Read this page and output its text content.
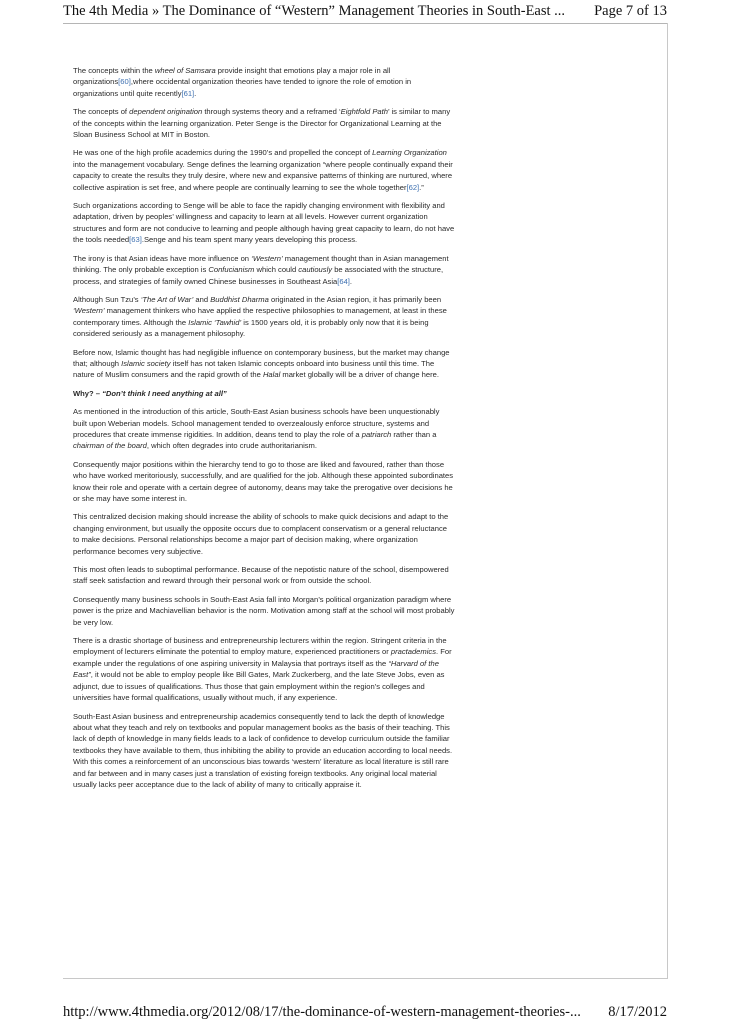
The 4th Media » The Dominance of “Western” Management Theories in South-East ... Page 7 of 13

The concepts within the wheel of Samsara provide insight that emotions play a major role in all organizations[60],where occidental organization theories have tended to ignore the role of emotion in organizations until quite recently[61].

The concepts of dependent origination through systems theory and a reframed ‘Eightfold Path’ is similar to many of the concepts within the learning organization. Peter Senge is the Director for Organizational Learning at the Sloan Business School at MIT in Boston.

He was one of the high profile academics during the 1990’s and propelled the concept of Learning Organization into the management vocabulary. Senge defines the learning organization “where people continually expand their capacity to create the results they truly desire, where new and expansive patterns of thinking are nurtured, where collective aspiration is set free, and where people are continually learning to see the whole together[62].”

Such organizations according to Senge will be able to face the rapidly changing environment with flexibility and adaptation, driven by peoples’ willingness and capacity to learn at all levels. However current organization structures and form are not conducive to learning and people although having great capacity to learn, do not have the tools needed[63].Senge and his team spent many years developing this process.

The irony is that Asian ideas have more influence on ‘Western’ management thought than in Asian management thinking. The only probable exception is Confucianism which could cautiously be associated with the structure, process, and strategies of family owned Chinese businesses in Southeast Asia[64].

Although Sun Tzu’s ‘The Art of War’ and Buddhist Dharma originated in the Asian region, it has primarily been ‘Western’ management thinkers who have applied the respective philosophies to management, at least in these contemporary times. Although the Islamic ‘Tawhid’ is 1500 years old, it is probably only now that it is being considered seriously as a management philosophy.

Before now, Islamic thought has had negligible influence on contemporary business, but the market may change that; although Islamic society itself has not taken Islamic concepts onboard into business until this time. The nature of Muslim consumers and the rapid growth of the Halal market globally will be a driver of change here.

Why? – “Don’t think I need anything at all”

As mentioned in the introduction of this article, South-East Asian business schools have been unquestionably built upon Weberian models. School management tended to overzealously enforce structure, systems and procedures that create immense rigidities. In addition, deans tend to play the role of a patriarch rather than a chairman of the board, which often degrades into crude authoritarianism.

Consequently major positions within the hierarchy tend to go to those are liked and favoured, rather than those who have worked meritoriously, successfully, and are qualified for the job. Although these appointed subordinates know their role and operate with a certain degree of autonomy, deans may take the prerogative over decisions he or she may have some interest in.

This centralized decision making should increase the ability of schools to make quick decisions and adapt to the changing environment, but usually the opposite occurs due to complacent conservatism or a general reluctance to make decisions. Personal relationships become a major part of decision making, where organization performance becomes very subjective.

This most often leads to suboptimal performance. Because of the nepotistic nature of the school, disempowered staff seek satisfaction and reward through their personal work or from outside the school.

Consequently many business schools in South-East Asia fall into Morgan’s political organization paradigm where power is the prize and Machiavellian behavior is the norm. Motivation among staff at the school will most probably be very low.

There is a drastic shortage of business and entrepreneurship lecturers within the region. Stringent criteria in the employment of lecturers eliminate the potential to employ mature, experienced practitioners or practademics. For example under the regulations of one aspiring university in Malaysia that portrays itself as the “Harvard of the East”, it would not be able to employ people like Bill Gates, Mark Zuckerberg, and the late Steve Jobs, even as adjunct, due to issues of qualifications. Thus those that gain employment within the region’s colleges and universities have formal qualifications, usually without much, if any experience.

South-East Asian business and entrepreneurship academics consequently tend to lack the depth of knowledge about what they teach and rely on textbooks and popular management books as the basis of their teaching. This lack of depth of knowledge in many fields leads to a lack of confidence to develop curriculum outside the familiar textbooks they have available to them, thus inhibiting the ability to provide an education according to local needs. With this comes a reinforcement of an unconscious bias towards ‘western’ literature as local literature is still rare and far between and in many cases just a translation of existing foreign textbooks. Any original local material usually lacks peer acceptance due to the lack of ability of many to critically appraise it.

http://www.4thmedia.org/2012/08/17/the-dominance-of-western-management-theories-... 8/17/2012
